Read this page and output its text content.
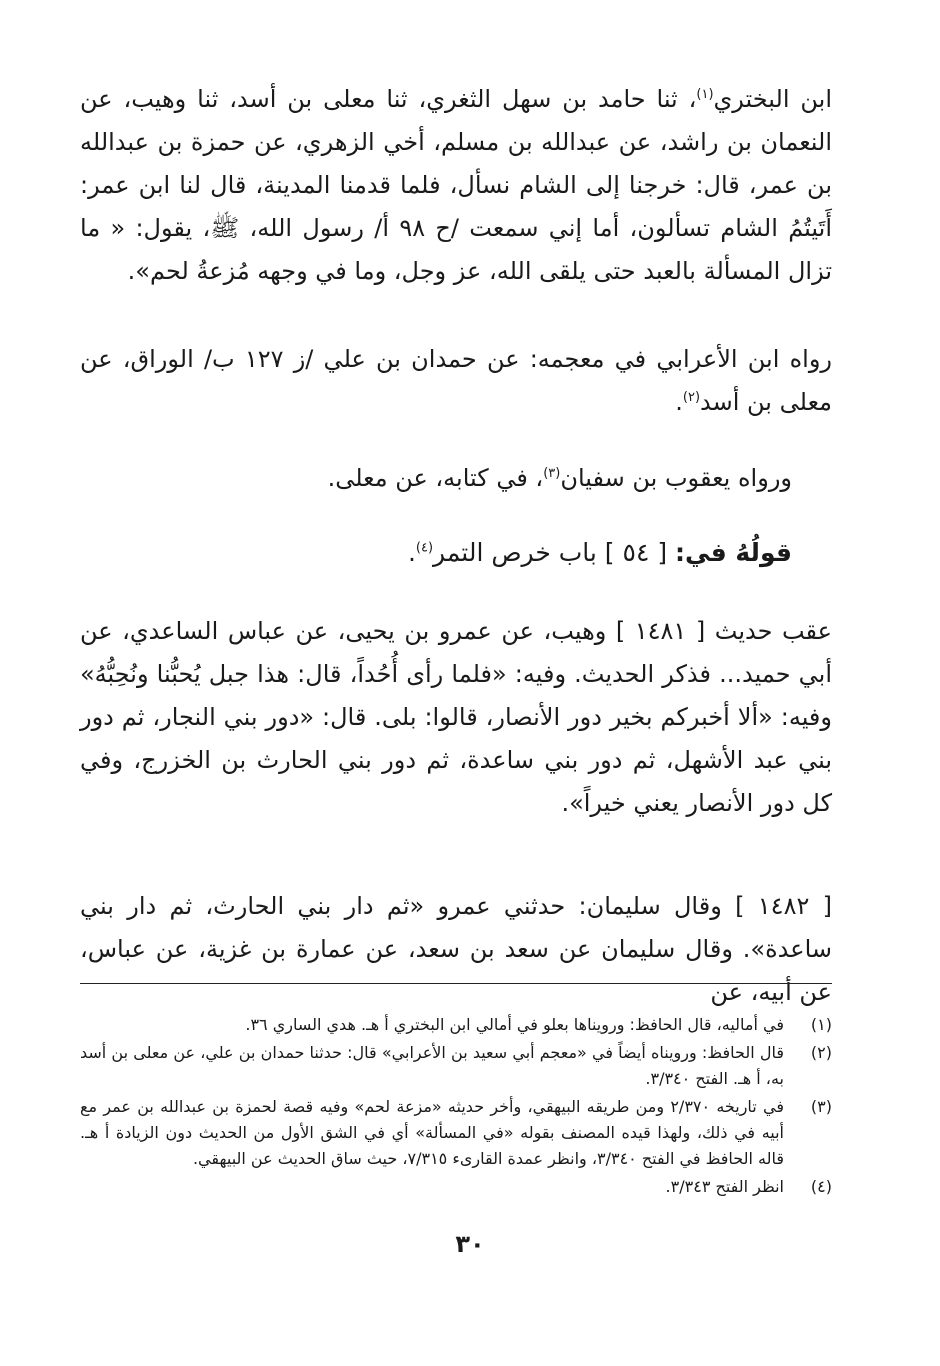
ابن البختري$^{(١)}$، ثنا حامد بن سهل الثغري، ثنا معلى بن أسد، ثنا وهيب، عن النعمان بن راشد، عن عبدالله بن مسلم، أخي الزهري، عن حمزة بن عبدالله بن عمر، قال: خرجنا إلى الشام نسأل، فلما قدمنا المدينة، قال لنا ابن عمر: أَتَيتُمُ الشام تسألون، أما إني سمعت /ح ٩٨ أ/ رسول الله، ﷺ، يقول: « ما تزال المسألة بالعبد حتى يلقى الله، عز وجل، وما في وجهه مُزعةُ لحم».

رواه ابن الأعرابي في معجمه: عن حمدان بن علي /ز ١٢٧ ب/ الوراق، عن معلى بن أسد$^{(٢)}$.

ورواه يعقوب بن سفيان$^{(٣)}$، في كتابه، عن معلى.

قولُهُ في: [ ٥٤ ] باب خرص التمر$^{(٤)}$.

عقب حديث [ ١٤٨١ ] وهيب، عن عمرو بن يحيى، عن عباس الساعدي، عن أبي حميد... فذكر الحديث. وفيه: «فلما رأى أُحُداً، قال: هذا جبل يُحبُّنا ونُحِبُّهُ» وفيه: «ألا أخبركم بخير دور الأنصار، قالوا: بلى. قال: «دور بني النجار، ثم دور بني عبد الأشهل، ثم دور بني ساعدة، ثم دور بني الحارث بن الخزرج، وفي كل دور الأنصار يعني خيراً».

[ ١٤٨٢ ] وقال سليمان: حدثني عمرو «ثم دار بني الحارث، ثم دار بني ساعدة». وقال سليمان عن سعد بن سعد، عن عمارة بن غزية، عن عباس، عن أبيه، عن

(١)
في أماليه، قال الحافظ: ورويناها بعلو في أمالي ابن البختري أ هـ. هدي الساري ٣٦.
(٢)
قال الحافظ: ورويناه أيضاً في «معجم أبي سعيد بن الأعرابي» قال: حدثنا حمدان بن علي، عن معلى بن أسد به، أ هـ. الفتح ٣/٣٤٠.
(٣)
في تاريخه ٢/٣٧٠ ومن طريقه البيهقي، وأخر حديثه «مزعة لحم» وفيه قصة لحمزة بن عبدالله بن عمر مع أبيه في ذلك، ولهذا قيده المصنف بقوله «في المسألة» أي في الشق الأول من الحديث دون الزيادة أ هـ. قاله الحافظ في الفتح ٣/٣٤٠، وانظر عمدة القارىء ٧/٣١٥، حيث ساق الحديث عن البيهقي.
(٤)
انظر الفتح ٣/٣٤٣.
٣٠
